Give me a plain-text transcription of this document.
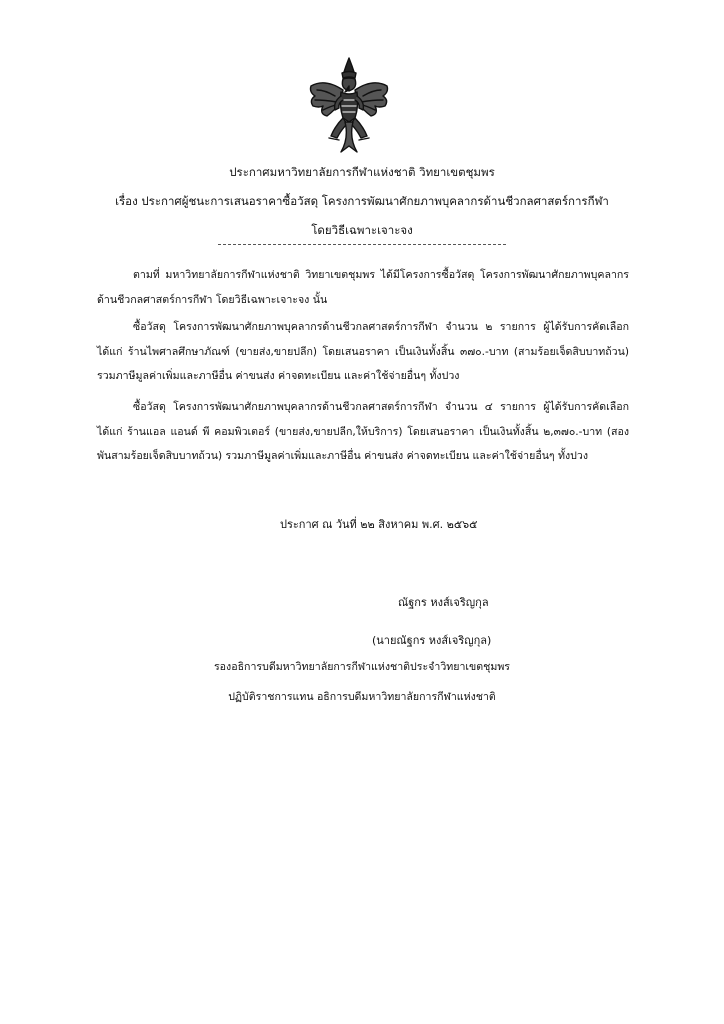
ประกาศมหาวิทยาลัยการกีฬาแห่งชาติ วิทยาเขตชุมพร
เรื่อง ประกาศผู้ชนะการเสนอราคาซื้อวัสดุ โครงการพัฒนาศักยภาพบุคลากรด้านชีวกลศาสตร์การกีฬา
โดยวิธีเฉพาะเจาะจง
ตามที่ มหาวิทยาลัยการกีฬาแห่งชาติ วิทยาเขตชุมพร ได้มีโครงการซื้อวัสดุ โครงการพัฒนาศักยภาพบุคลากรด้านชีวกลศาสตร์การกีฬา โดยวิธีเฉพาะเจาะจง นั้น
ซื้อวัสดุ โครงการพัฒนาศักยภาพบุคลากรด้านชีวกลศาสตร์การกีฬา จำนวน ๒ รายการ ผู้ได้รับการคัดเลือก ได้แก่ ร้านไพศาลศึกษาภัณฑ์ (ขายส่ง,ขายปลีก) โดยเสนอราคา เป็นเงินทั้งสิ้น ๓๗๐.-บาท (สามร้อยเจ็ดสิบบาทถ้วน) รวมภาษีมูลค่าเพิ่มและภาษีอื่น ค่าขนส่ง ค่าจดทะเบียน และค่าใช้จ่ายอื่นๆ ทั้งปวง
ซื้อวัสดุ โครงการพัฒนาศักยภาพบุคลากรด้านชีวกลศาสตร์การกีฬา จำนวน ๔ รายการ ผู้ได้รับการคัดเลือก ได้แก่ ร้านแอล แอนด์ พี คอมพิวเตอร์ (ขายส่ง,ขายปลีก,ให้บริการ) โดยเสนอราคา เป็นเงินทั้งสิ้น ๒,๓๗๐.-บาท (สองพันสามร้อยเจ็ดสิบบาทถ้วน) รวมภาษีมูลค่าเพิ่มและภาษีอื่น ค่าขนส่ง ค่าจดทะเบียน และค่าใช้จ่ายอื่นๆ ทั้งปวง
ประกาศ ณ วันที่ ๒๒ สิงหาคม พ.ศ. ๒๕๖๕
ณัฐกร หงส์เจริญกุล
(นายณัฐกร หงส์เจริญกุล)
รองอธิการบดีมหาวิทยาลัยการกีฬาแห่งชาติประจำวิทยาเขตชุมพร
ปฏิบัติราชการแทน อธิการบดีมหาวิทยาลัยการกีฬาแห่งชาติ
